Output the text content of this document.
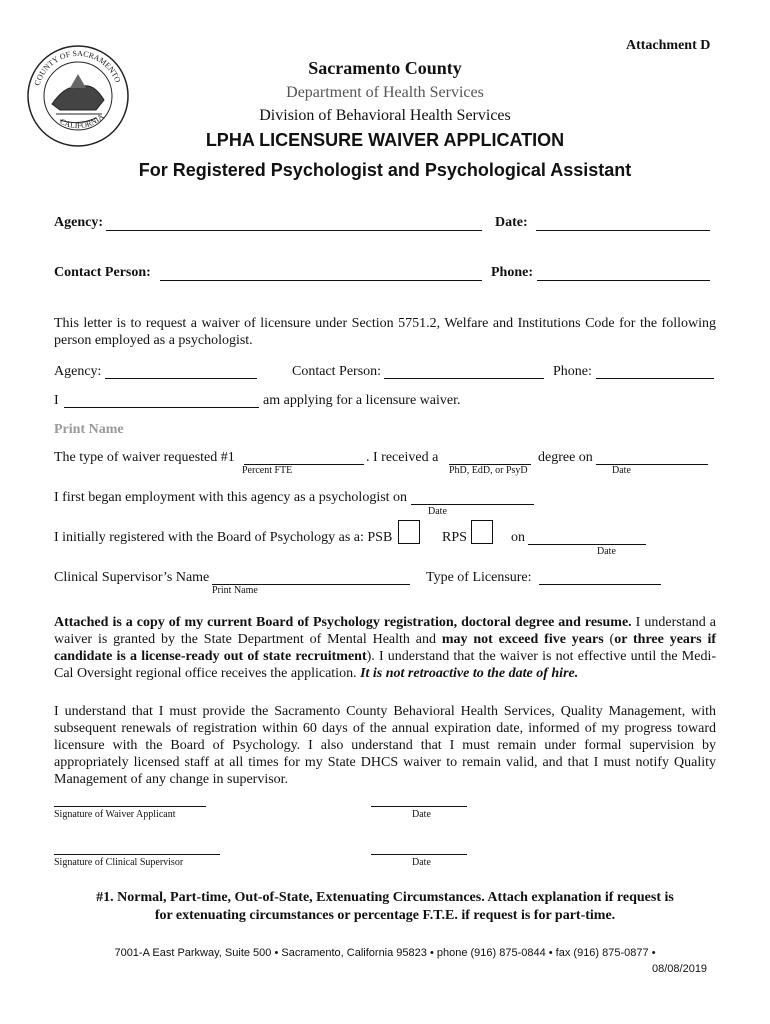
COUNTY OF SACRAMENTO
CALIFORNIA
Attachment D
Sacramento County
Department of Health Services
Division of Behavioral Health Services
LPHA LICENSURE WAIVER APPLICATION
For Registered Psychologist and Psychological Assistant
Agency:	Date:
Contact Person:	Phone:
This letter is to request a waiver of licensure under Section 5751.2, Welfare and Institutions Code for the following person employed as a psychologist.
Agency:	Contact Person:	Phone:
I	am applying for a licensure waiver.
Print Name
The type of waiver requested #1	. I received a	degree on
Percent FTE	PhD, EdD, or PsyD	Date
I first began employment with this agency as a psychologist on
Date
I initially registered with the Board of Psychology as a: PSB	RPS	on
Date
Clinical Supervisor’s Name
Print Name
Type of Licensure:
Attached is a copy of my current Board of Psychology registration, doctoral degree and resume. I understand a waiver is granted by the State Department of Mental Health and may not exceed five years (or three years if candidate is a license-ready out of state recruitment). I understand that the waiver is not effective until the Medi-Cal Oversight regional office receives the application. It is not retroactive to the date of hire.
I understand that I must provide the Sacramento County Behavioral Health Services, Quality Management, with subsequent renewals of registration within 60 days of the annual expiration date, informed of my progress toward licensure with the Board of Psychology. I also understand that I must remain under formal supervision by appropriately licensed staff at all times for my State DHCS waiver to remain valid, and that I must notify Quality Management of any change in supervisor.
Signature of Waiver Applicant	Date
Signature of Clinical Supervisor	Date
#1. Normal, Part-time, Out-of-State, Extenuating Circumstances. Attach explanation if request is
for extenuating circumstances or percentage F.T.E. if request is for part-time.
7001-A East Parkway, Suite 500 • Sacramento, California 95823 • phone (916) 875-0844 • fax (916) 875-0877 •
08/08/2019
